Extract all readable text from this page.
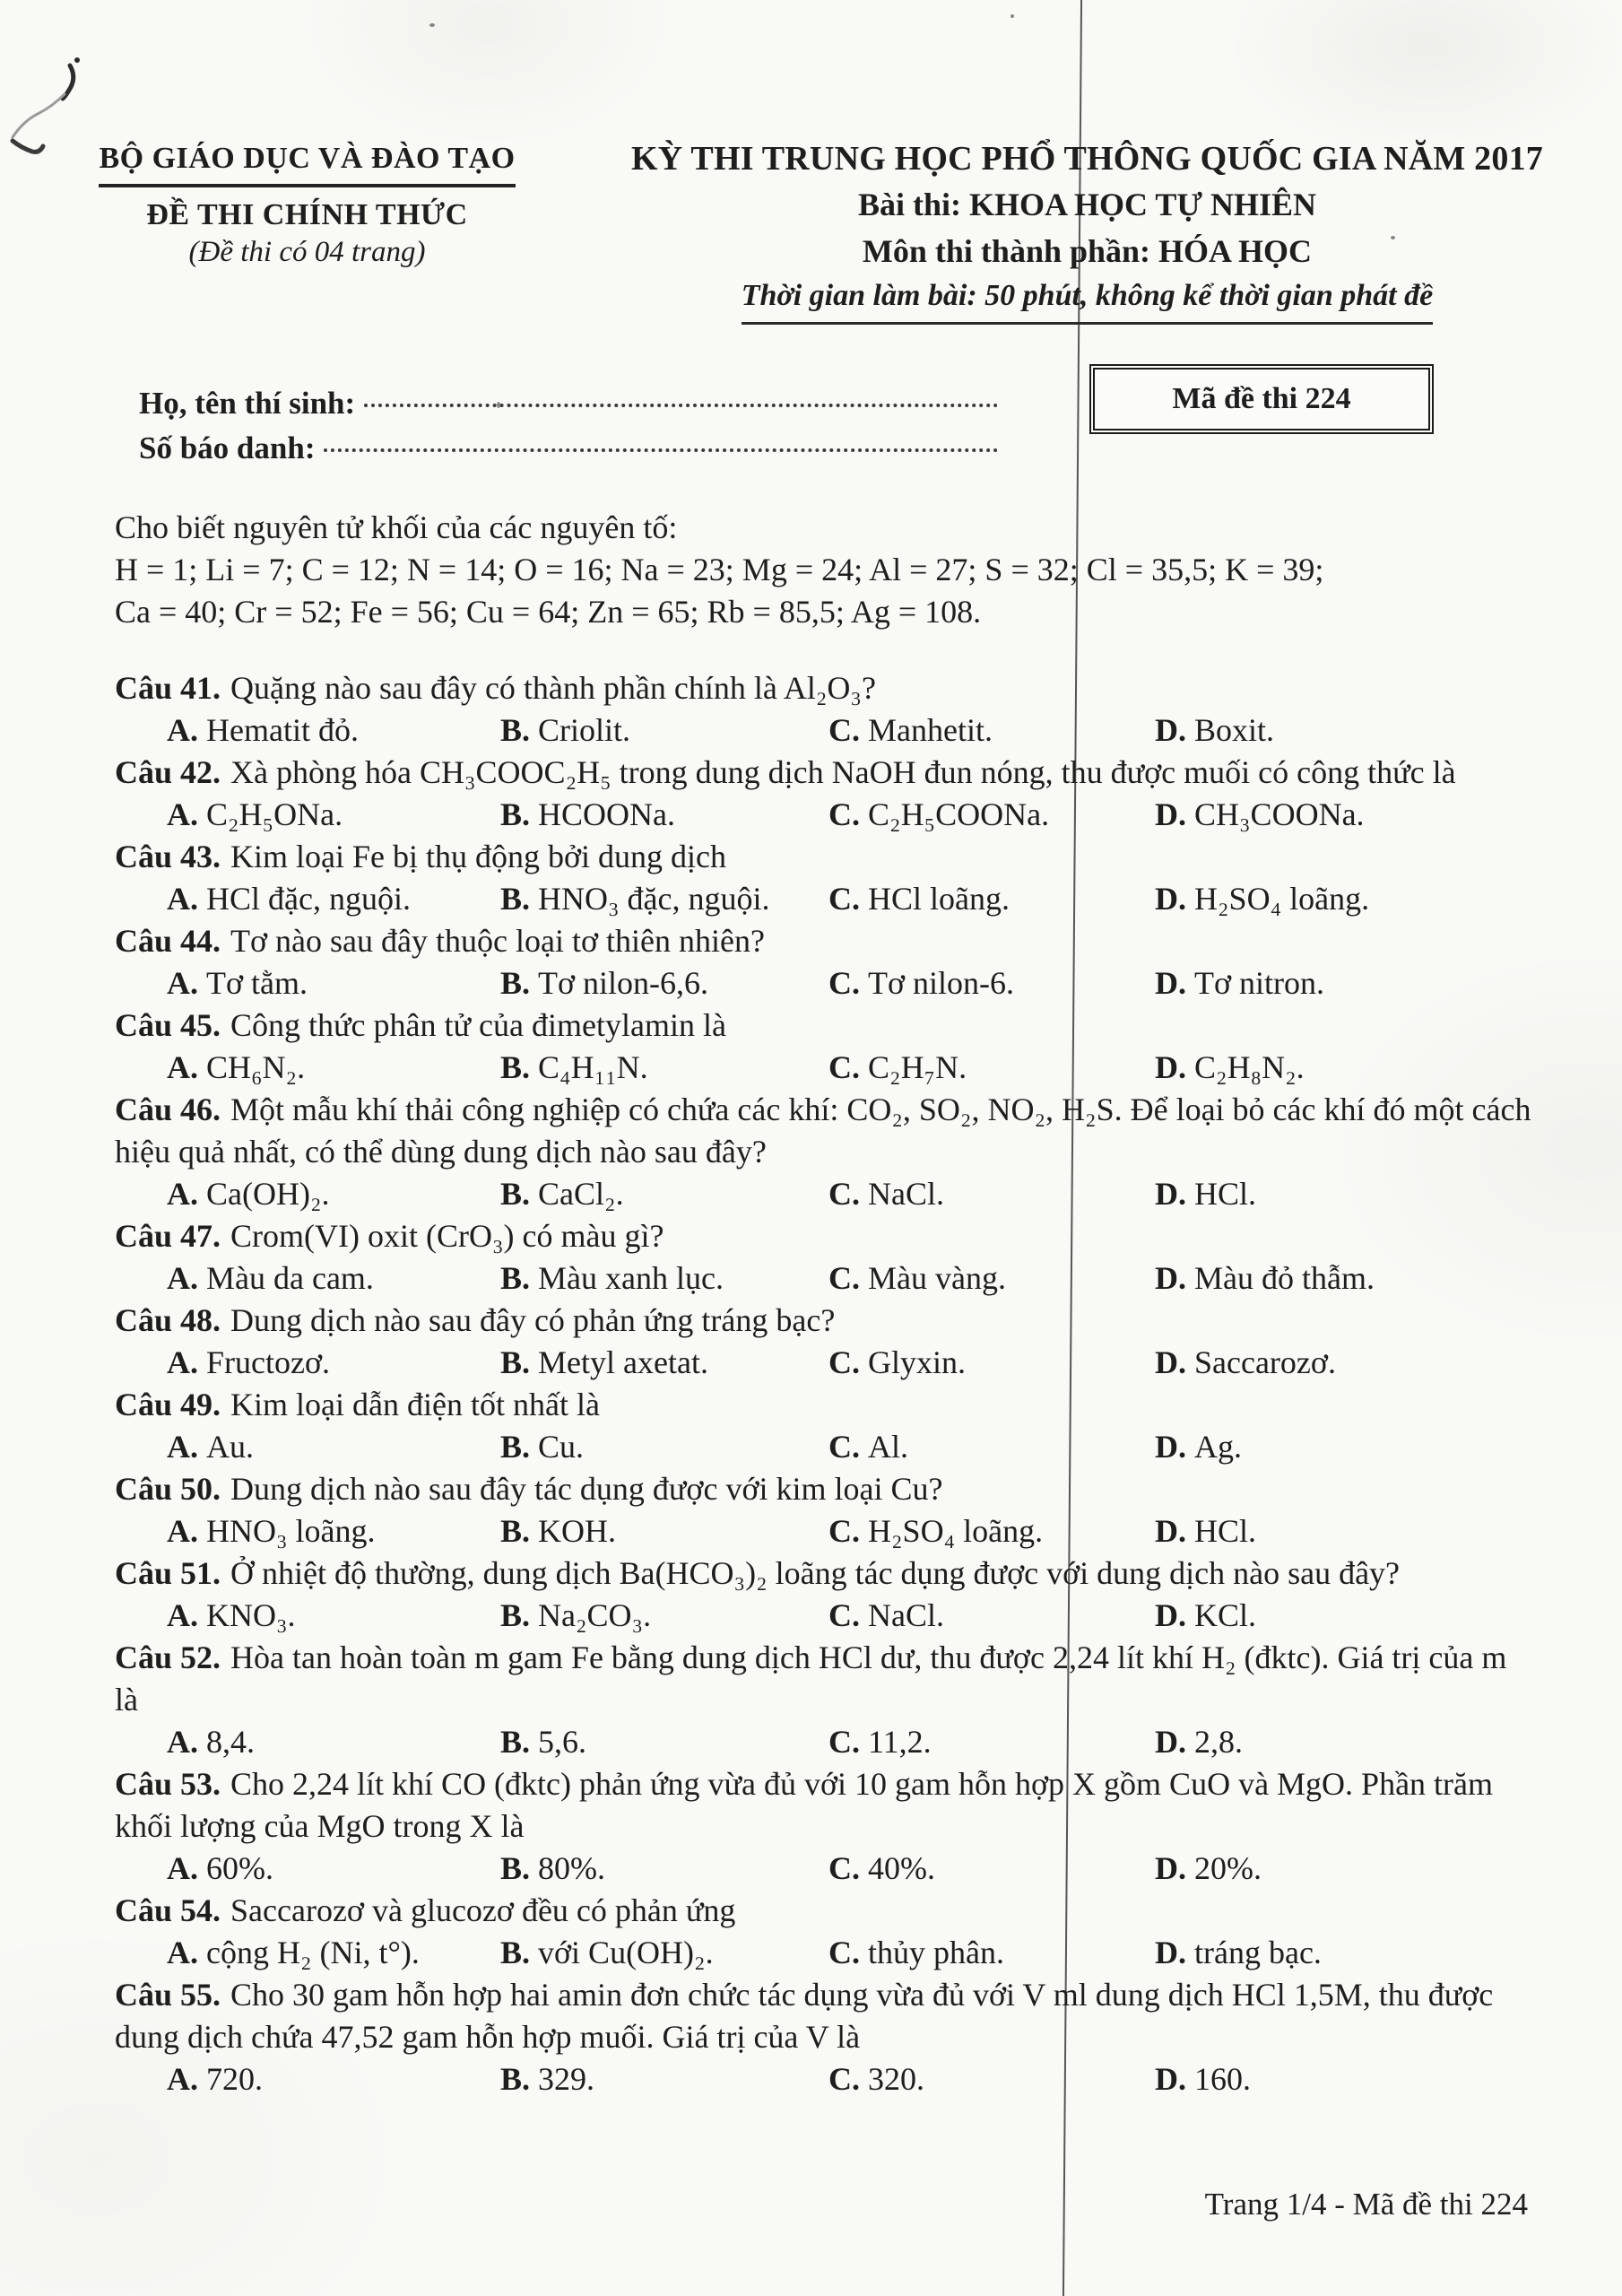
BỘ GIÁO DỤC VÀ ĐÀO TẠO
ĐỀ THI CHÍNH THỨC
(Đề thi có 04 trang)
KỲ THI TRUNG HỌC PHỔ THÔNG QUỐC GIA NĂM 2017
Bài thi: KHOA HỌC TỰ NHIÊN
Môn thi thành phần: HÓA HỌC
Thời gian làm bài: 50 phút, không kể thời gian phát đề
Họ, tên thí sinh:
Số báo danh:
Mã đề thi 224
Cho biết nguyên tử khối của các nguyên tố:
H = 1; Li = 7; C = 12; N = 14; O = 16; Na = 23; Mg = 24; Al = 27; S = 32; Cl = 35,5; K = 39;
Ca = 40; Cr = 52; Fe = 56; Cu = 64; Zn = 65; Rb = 85,5; Ag = 108.

Câu 41. Quặng nào sau đây có thành phần chính là Al₂O₃?

A. Hematit đỏ.	B. Criolit.	C. Manhetit.	D. Boxit.

Câu 42. Xà phòng hóa CH₃COOC₂H₅ trong dung dịch NaOH đun nóng, thu được muối có công thức là

A. C₂H₅ONa.	B. HCOONa.	C. C₂H₅COONa.	D. CH₃COONa.

Câu 43. Kim loại Fe bị thụ động bởi dung dịch

A. HCl đặc, nguội.	B. HNO₃ đặc, nguội.	C. HCl loãng.	D. H₂SO₄ loãng.

Câu 44. Tơ nào sau đây thuộc loại tơ thiên nhiên?

A. Tơ tằm.	B. Tơ nilon-6,6.	C. Tơ nilon-6.	D. Tơ nitron.

Câu 45. Công thức phân tử của đimetylamin là

A. CH₆N₂.	B. C₄H₁₁N.	C. C₂H₇N.	D. C₂H₈N₂.

Câu 46. Một mẫu khí thải công nghiệp có chứa các khí: CO₂, SO₂, NO₂, H₂S. Để loại bỏ các khí đó một cách hiệu quả nhất, có thể dùng dung dịch nào sau đây?

A. Ca(OH)₂.	B. CaCl₂.	C. NaCl.	D. HCl.

Câu 47. Crom(VI) oxit (CrO₃) có màu gì?

A. Màu da cam.	B. Màu xanh lục.	C. Màu vàng.	D. Màu đỏ thẫm.

Câu 48. Dung dịch nào sau đây có phản ứng tráng bạc?

A. Fructozơ.	B. Metyl axetat.	C. Glyxin.	D. Saccarozơ.

Câu 49. Kim loại dẫn điện tốt nhất là

A. Au.	B. Cu.	C. Al.	D. Ag.

Câu 50. Dung dịch nào sau đây tác dụng được với kim loại Cu?

A. HNO₃ loãng.	B. KOH.	C. H₂SO₄ loãng.	D. HCl.

Câu 51. Ở nhiệt độ thường, dung dịch Ba(HCO₃)₂ loãng tác dụng được với dung dịch nào sau đây?

A. KNO₃.	B. Na₂CO₃.	C. NaCl.	D. KCl.

Câu 52. Hòa tan hoàn toàn m gam Fe bằng dung dịch HCl dư, thu được 2,24 lít khí H₂ (đktc). Giá trị của m là

A. 8,4.	B. 5,6.	C. 11,2.	D. 2,8.

Câu 53. Cho 2,24 lít khí CO (đktc) phản ứng vừa đủ với 10 gam hỗn hợp X gồm CuO và MgO. Phần trăm khối lượng của MgO trong X là

A. 60%.	B. 80%.	C. 40%.	D. 20%.

Câu 54. Saccarozơ và glucozơ đều có phản ứng

A. cộng H₂ (Ni, t°).	B. với Cu(OH)₂.	C. thủy phân.	D. tráng bạc.

Câu 55. Cho 30 gam hỗn hợp hai amin đơn chức tác dụng vừa đủ với V ml dung dịch HCl 1,5M, thu được dung dịch chứa 47,52 gam hỗn hợp muối. Giá trị của V là

A. 720.	B. 329.	C. 320.	D. 160.
Trang 1/4 - Mã đề thi 224
